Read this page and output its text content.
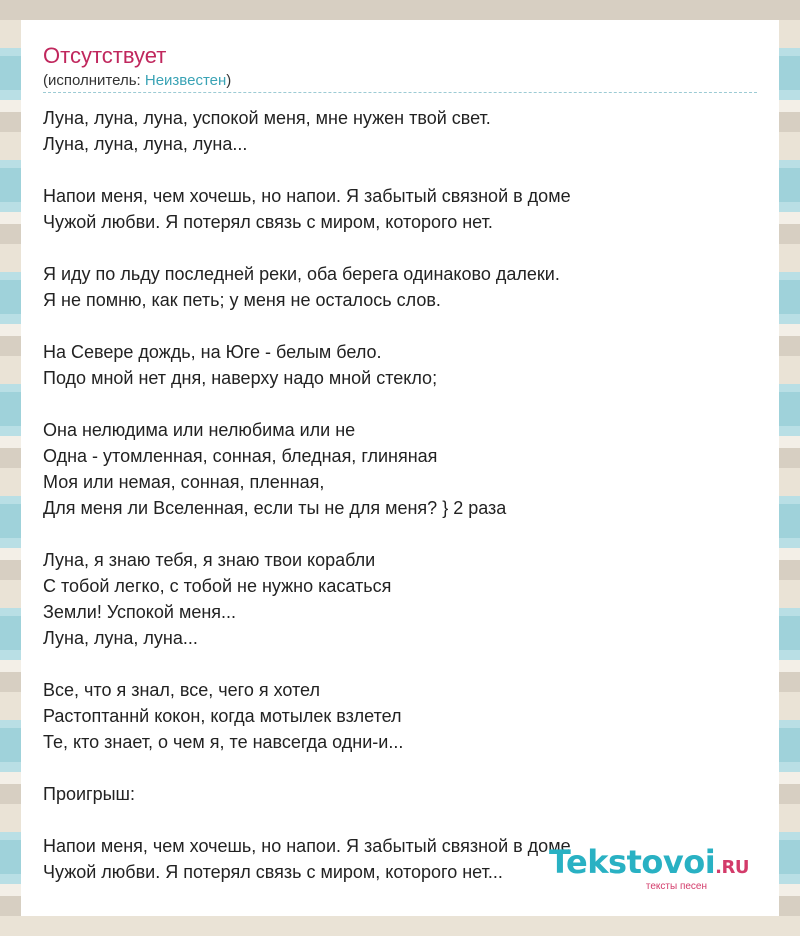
Отсутствует
(исполнитель: Неизвестен)
Луна, луна, луна, успокой меня, мне нужен твой свет.
Луна, луна, луна, луна...
Напои меня, чем хочешь, но напои. Я забытый связной в доме
Чужой любви. Я потерял связь с миром, которого нет.
Я иду по льду последней реки, оба берега одинаково далеки.
Я не помню, как петь; у меня не осталось слов.
На Севере дождь, на Юге - белым бело.
Подо мной нет дня, наверху надо мной стекло;
Она нелюдима или нелюбима или не
Одна - утомленная, сонная, бледная, глиняная
Моя или немая, сонная, пленная,
Для меня ли Вселенная, если ты не для меня? } 2 раза
Луна, я знаю тебя, я знаю твои корабли
С тобой легко, с тобой не нужно касаться
Земли! Успокой меня...
Луна, луна, луна...
Все, что я знал, все, чего я хотел
Растоптаннй кокон, когда мотылек взлетел
Те, кто знает, о чем я, те навсегда одни-и...
Проигрыш:
Напои меня, чем хочешь, но напои. Я забытый связной в доме
Чужой любви. Я потерял связь с миром, которого нет...	Tekstovoi.RU
тексты песен
